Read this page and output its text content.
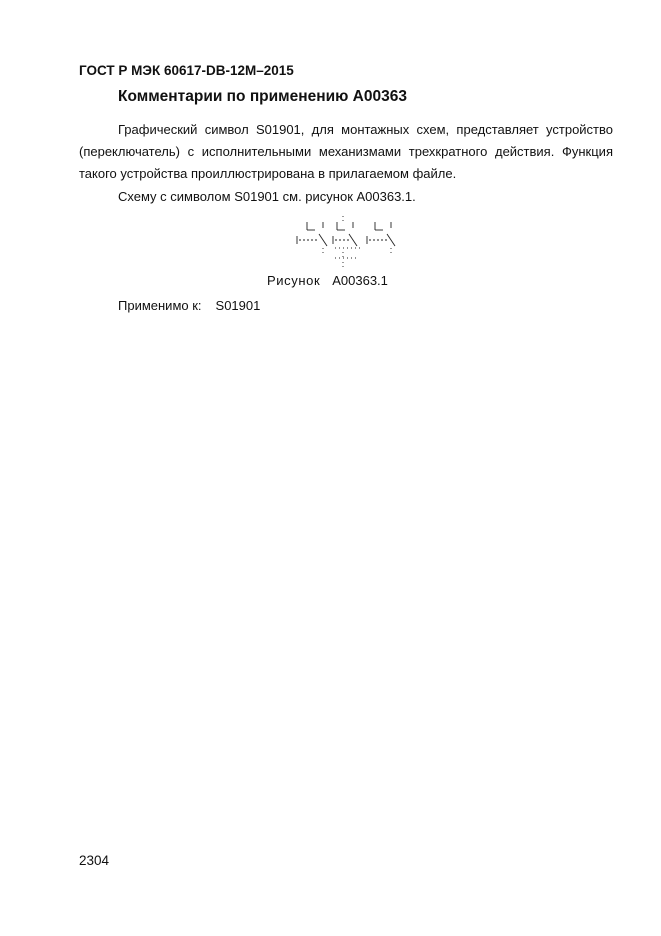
ГОСТ Р МЭК 60617-DB-12M–2015
Комментарии по применению А00363
Графический символ S01901, для монтажных схем, представляет устройство
(переключатель) с исполнительными механизмами трехкратного действия. Функция
такого устройства проиллюстрирована в прилагаемом файле.
Схему с символом S01901 см. рисунок А00363.1.
Рисунок А00363.1
Применимо к: S01901
2304
